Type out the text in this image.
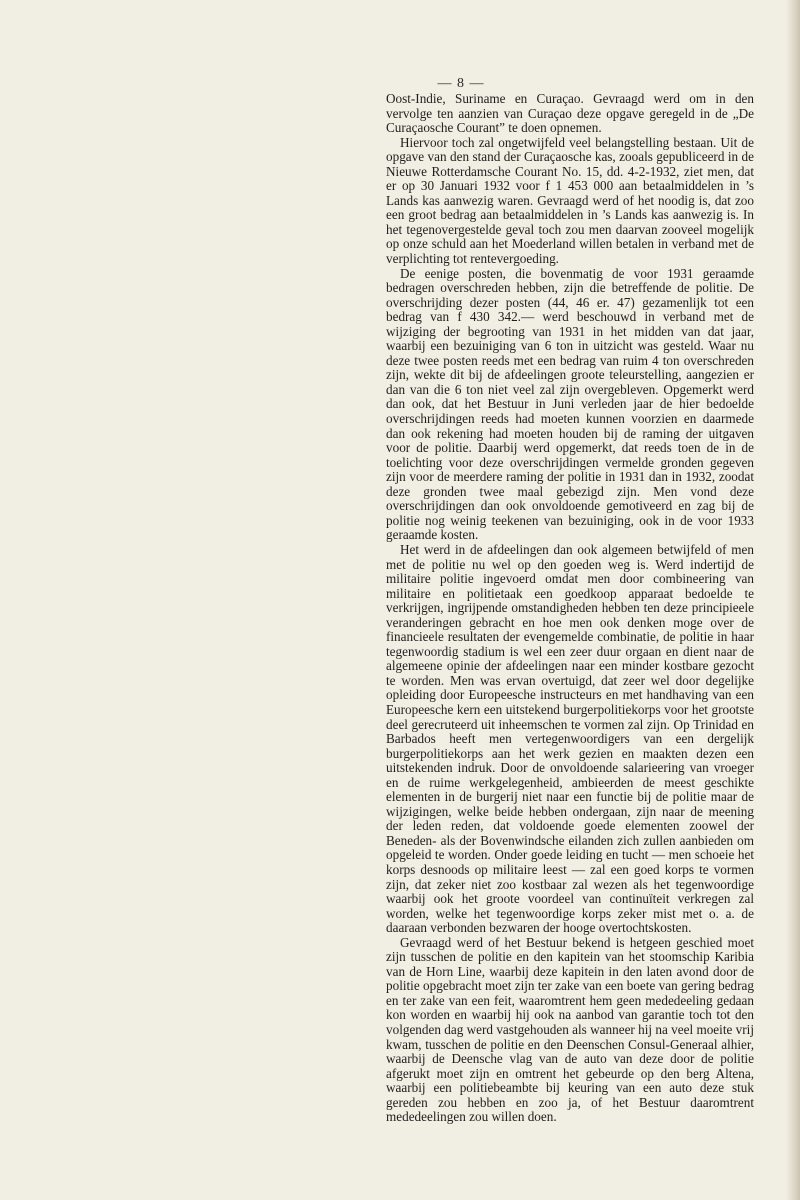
— 8 —

Oost-Indie, Suriname en Curaçao. Gevraagd werd om in den vervolge ten aanzien van Curaçao deze opgave geregeld in de „De Curaçaosche Courant” te doen opnemen.

Hiervoor toch zal ongetwijfeld veel belangstelling bestaan. Uit de opgave van den stand der Curaçaosche kas, zooals gepubliceerd in de Nieuwe Rotterdamsche Courant No. 15, dd. 4-2-1932, ziet men, dat er op 30 Januari 1932 voor f 1 453 000 aan betaalmiddelen in ’s Lands kas aanwezig waren. Gevraagd werd of het noodig is, dat zoo een groot bedrag aan betaalmiddelen in ’s Lands kas aanwezig is. In het tegenovergestelde geval toch zou men daarvan zooveel mogelijk op onze schuld aan het Moederland willen betalen in verband met de verplichting tot rentevergoeding.

De eenige posten, die bovenmatig de voor 1931 geraamde bedragen overschreden hebben, zijn die betreffende de politie. De overschrijding dezer posten (44, 46 er. 47) gezamenlijk tot een bedrag van f 430 342.— werd beschouwd in verband met de wijziging der begrooting van 1931 in het midden van dat jaar, waarbij een bezuiniging van 6 ton in uitzicht was gesteld. Waar nu deze twee posten reeds met een bedrag van ruim 4 ton overschreden zijn, wekte dit bij de afdeelingen groote teleurstelling, aangezien er dan van die 6 ton niet veel zal zijn overgebleven. Opgemerkt werd dan ook, dat het Bestuur in Juni verleden jaar de hier bedoelde overschrijdingen reeds had moeten kunnen voorzien en daarmede dan ook rekening had moeten houden bij de raming der uitgaven voor de politie. Daarbij werd opgemerkt, dat reeds toen de in de toelichting voor deze overschrijdingen vermelde gronden gegeven zijn voor de meerdere raming der politie in 1931 dan in 1932, zoodat deze gronden twee maal gebezigd zijn. Men vond deze overschrijdingen dan ook onvoldoende gemotiveerd en zag bij de politie nog weinig teekenen van bezuiniging, ook in de voor 1933 geraamde kosten.

Het werd in de afdeelingen dan ook algemeen betwijfeld of men met de politie nu wel op den goeden weg is. Werd indertijd de militaire politie ingevoerd omdat men door combineering van militaire en politietaak een goedkoop apparaat bedoelde te verkrijgen, ingrijpende omstandigheden hebben ten deze principieele veranderingen gebracht en hoe men ook denken moge over de financieele resultaten der evengemelde combinatie, de politie in haar tegenwoordig stadium is wel een zeer duur orgaan en dient naar de algemeene opinie der afdeelingen naar een minder kostbare gezocht te worden. Men was ervan overtuigd, dat zeer wel door degelijke opleiding door Europeesche instructeurs en met handhaving van een Europeesche kern een uitstekend burgerpolitiekorps voor het grootste deel gerecruteerd uit inheemschen te vormen zal zijn. Op Trinidad en Barbados heeft men vertegenwoordigers van een dergelijk burgerpolitiekorps aan het werk gezien en maakten dezen een uitstekenden indruk. Door de onvoldoende salarieering van vroeger en de ruime werkgelegenheid, ambieerden de meest geschikte elementen in de burgerij niet naar een functie bij de politie maar de wijzigingen, welke beide hebben ondergaan, zijn naar de meening der leden reden, dat voldoende goede elementen zoowel der Beneden- als der Bovenwindsche eilanden zich zullen aanbieden om opgeleid te worden. Onder goede leiding en tucht — men schoeie het korps desnoods op militaire leest — zal een goed korps te vormen zijn, dat zeker niet zoo kostbaar zal wezen als het tegenwoordige waarbij ook het groote voordeel van continuïteit verkregen zal worden, welke het tegenwoordige korps zeker mist met o. a. de daaraan verbonden bezwaren der hooge overtochtskosten.

Gevraagd werd of het Bestuur bekend is hetgeen geschied moet zijn tusschen de politie en den kapitein van het stoomschip Karibia van de Horn Line, waarbij deze kapitein in den laten avond door de politie opgebracht moet zijn ter zake van een boete van gering bedrag en ter zake van een feit, waaromtrent hem geen mededeeling gedaan kon worden en waarbij hij ook na aanbod van garantie toch tot den volgenden dag werd vastgehouden als wanneer hij na veel moeite vrij kwam, tusschen de politie en den Deenschen Consul-Generaal alhier, waarbij de Deensche vlag van de auto van deze door de politie afgerukt moet zijn en omtrent het gebeurde op den berg Altena, waarbij een politiebeambte bij keuring van een auto deze stuk gereden zou hebben en zoo ja, of het Bestuur daaromtrent mededeelingen zou willen doen.
